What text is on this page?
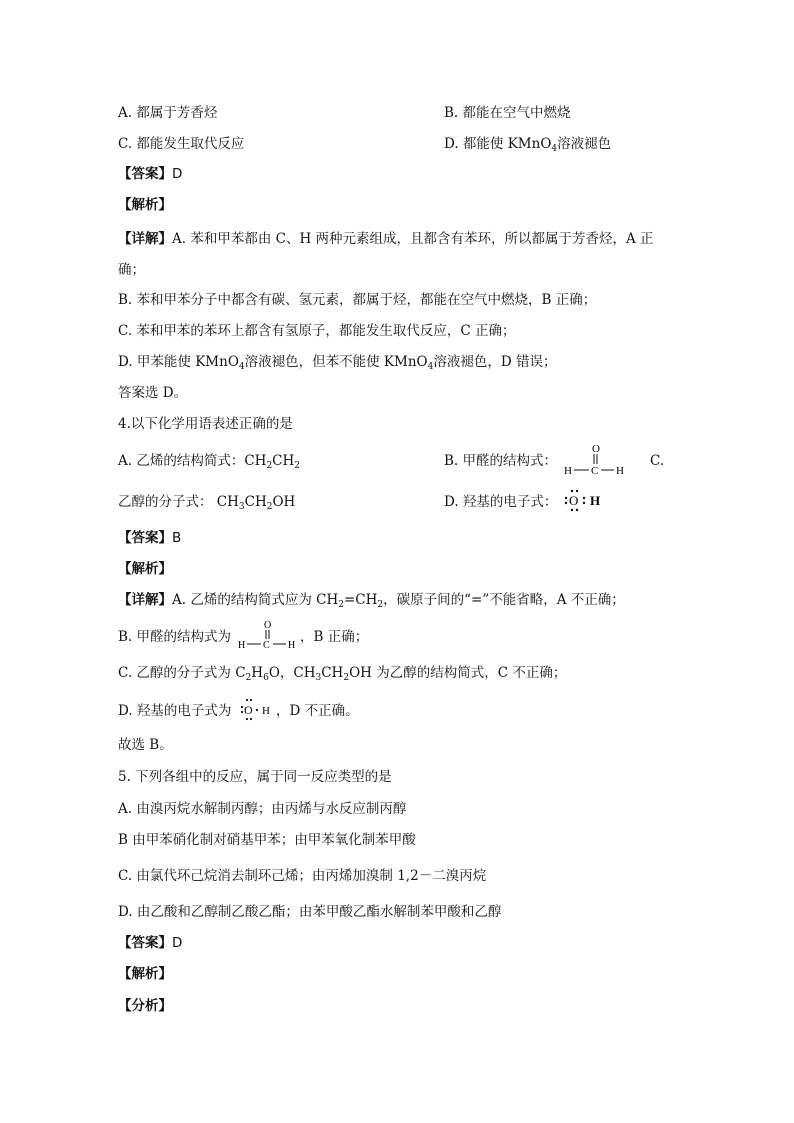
A. 都属于芳香烃	B. 都能在空气中燃烧
C. 都能发生取代反应	D. 都能使 KMnO$_4$溶液褪色
【答案】D
【解析】
【详解】A. 苯和甲苯都由 C、H 两种元素组成，且都含有苯环，所以都属于芳香烃，A 正
确；
B. 苯和甲苯分子中都含有碳、氢元素，都属于烃，都能在空气中燃烧，B 正确；
C. 苯和甲苯的苯环上都含有氢原子，都能发生取代反应，C 正确；
D. 甲苯能使 KMnO$_4$溶液褪色，但苯不能使 KMnO$_4$溶液褪色，D 错误；
答案选 D。
4.以下化学用语表述正确的是
A. 乙烯的结构简式：$CH_2CH_2$	B. 甲醛的结构式：
O
H C H
C.
乙醇的分子式： $CH_3CH_2OH$	D. 羟基的电子式： O H
【答案】B
【解析】
【详解】A. 乙烯的结构简式应为 $CH_2=CH_2$，碳原子间的“=”不能省略，A 不正确；
B. 甲醛的结构式为
O
H C H
，B 正确；
C. 乙醇的分子式为 $C_2H_6O$，$CH_3CH_2OH$ 为乙醇的结构简式，C 不正确；
D. 羟基的电子式为 O H ，D 不正确。
故选 B。
5. 下列各组中的反应，属于同一反应类型的是
A. 由溴丙烷水解制丙醇；由丙烯与水反应制丙醇
B 由甲苯硝化制对硝基甲苯；由甲苯氧化制苯甲酸
C. 由氯代环己烷消去制环己烯；由丙烯加溴制 1,2－二溴丙烷
D. 由乙酸和乙醇制乙酸乙酯；由苯甲酸乙酯水解制苯甲酸和乙醇
【答案】D
【解析】
【分析】
